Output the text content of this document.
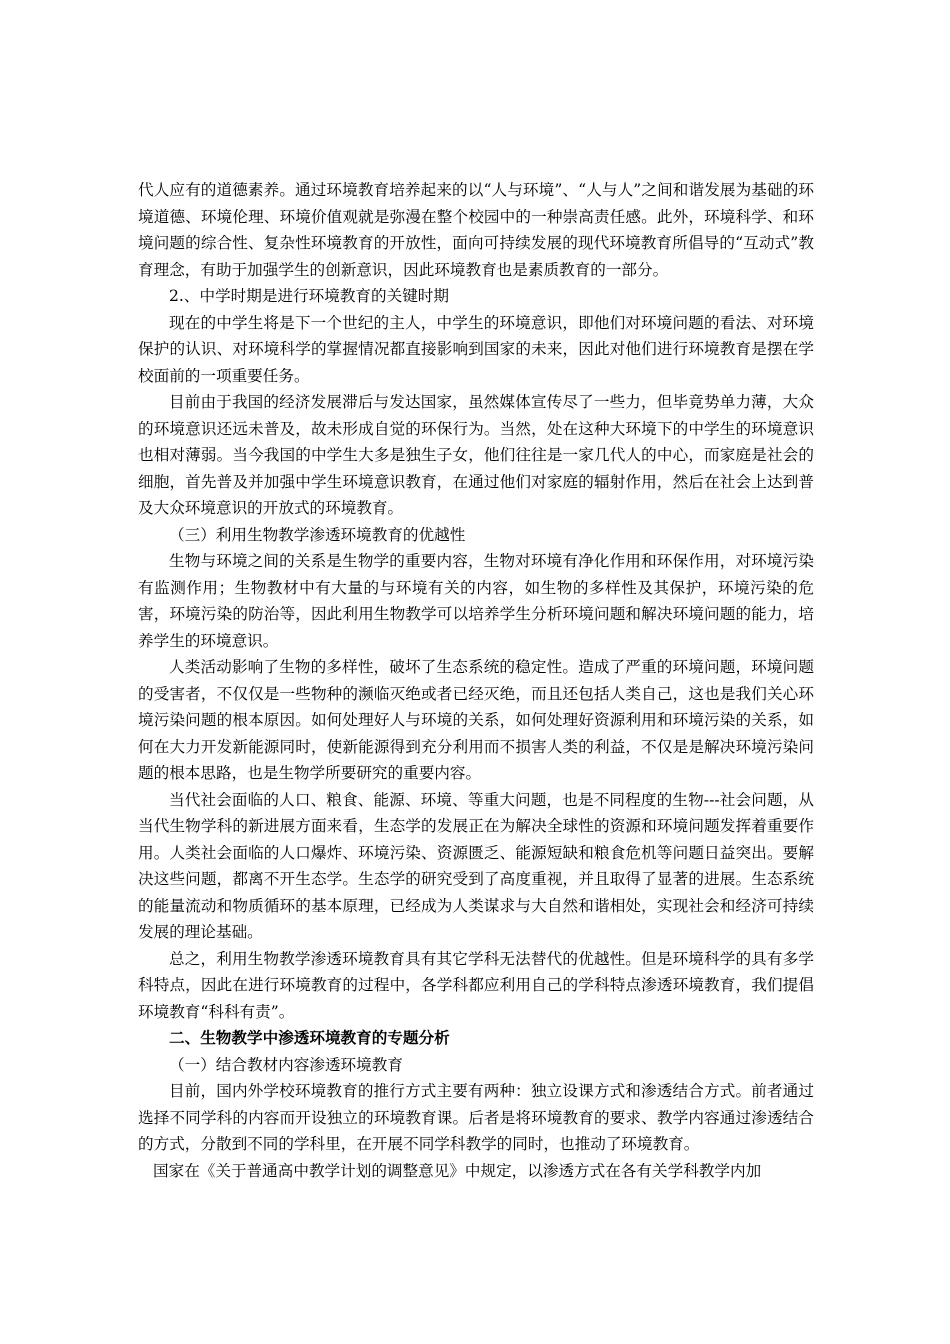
代人应有的道德素养。通过环境教育培养起来的以“人与环境”、“人与人”之间和谐发展为基础的环境道德、环境伦理、环境价值观就是弥漫在整个校园中的一种崇高责任感。此外，环境科学、和环境问题的综合性、复杂性环境教育的开放性，面向可持续发展的现代环境教育所倡导的“互动式”教育理念，有助于加强学生的创新意识，因此环境教育也是素质教育的一部分。

2.、中学时期是进行环境教育的关键时期

现在的中学生将是下一个世纪的主人，中学生的环境意识，即他们对环境问题的看法、对环境保护的认识、对环境科学的掌握情况都直接影响到国家的未来，因此对他们进行环境教育是摆在学校面前的一项重要任务。

目前由于我国的经济发展滞后与发达国家，虽然媒体宣传尽了一些力，但毕竟势单力薄，大众的环境意识还远未普及，故未形成自觉的环保行为。当然，处在这种大环境下的中学生的环境意识也相对薄弱。当今我国的中学生大多是独生子女，他们往往是一家几代人的中心，而家庭是社会的细胞，首先普及并加强中学生环境意识教育，在通过他们对家庭的辐射作用，然后在社会上达到普及大众环境意识的开放式的环境教育。

（三）利用生物教学渗透环境教育的优越性

生物与环境之间的关系是生物学的重要内容，生物对环境有净化作用和环保作用，对环境污染有监测作用；生物教材中有大量的与环境有关的内容，如生物的多样性及其保护，环境污染的危害，环境污染的防治等，因此利用生物教学可以培养学生分析环境问题和解决环境问题的能力，培养学生的环境意识。

人类活动影响了生物的多样性，破坏了生态系统的稳定性。造成了严重的环境问题，环境问题的受害者，不仅仅是一些物种的濒临灭绝或者已经灭绝，而且还包括人类自己，这也是我们关心环境污染问题的根本原因。如何处理好人与环境的关系，如何处理好资源利用和环境污染的关系，如何在大力开发新能源同时，使新能源得到充分利用而不损害人类的利益，不仅是是解决环境污染问题的根本思路，也是生物学所要研究的重要内容。

当代社会面临的人口、粮食、能源、环境、等重大问题，也是不同程度的生物---社会问题，从当代生物学科的新进展方面来看，生态学的发展正在为解决全球性的资源和环境问题发挥着重要作用。人类社会面临的人口爆炸、环境污染、资源匮乏、能源短缺和粮食危机等问题日益突出。要解决这些问题，都离不开生态学。生态学的研究受到了高度重视，并且取得了显著的进展。生态系统的能量流动和物质循环的基本原理，已经成为人类谋求与大自然和谐相处，实现社会和经济可持续发展的理论基础。

总之，利用生物教学渗透环境教育具有其它学科无法替代的优越性。但是环境科学的具有多学科特点，因此在进行环境教育的过程中，各学科都应利用自己的学科特点渗透环境教育，我们提倡环境教育“科科有责”。

二、生物教学中渗透环境教育的专题分析

（一）结合教材内容渗透环境教育

目前，国内外学校环境教育的推行方式主要有两种：独立设课方式和渗透结合方式。前者通过选择不同学科的内容而开设独立的环境教育课。后者是将环境教育的要求、教学内容通过渗透结合的方式，分散到不同的学科里，在开展不同学科教学的同时，也推动了环境教育。

国家在《关于普通高中教学计划的调整意见》中规定，以渗透方式在各有关学科教学内加
